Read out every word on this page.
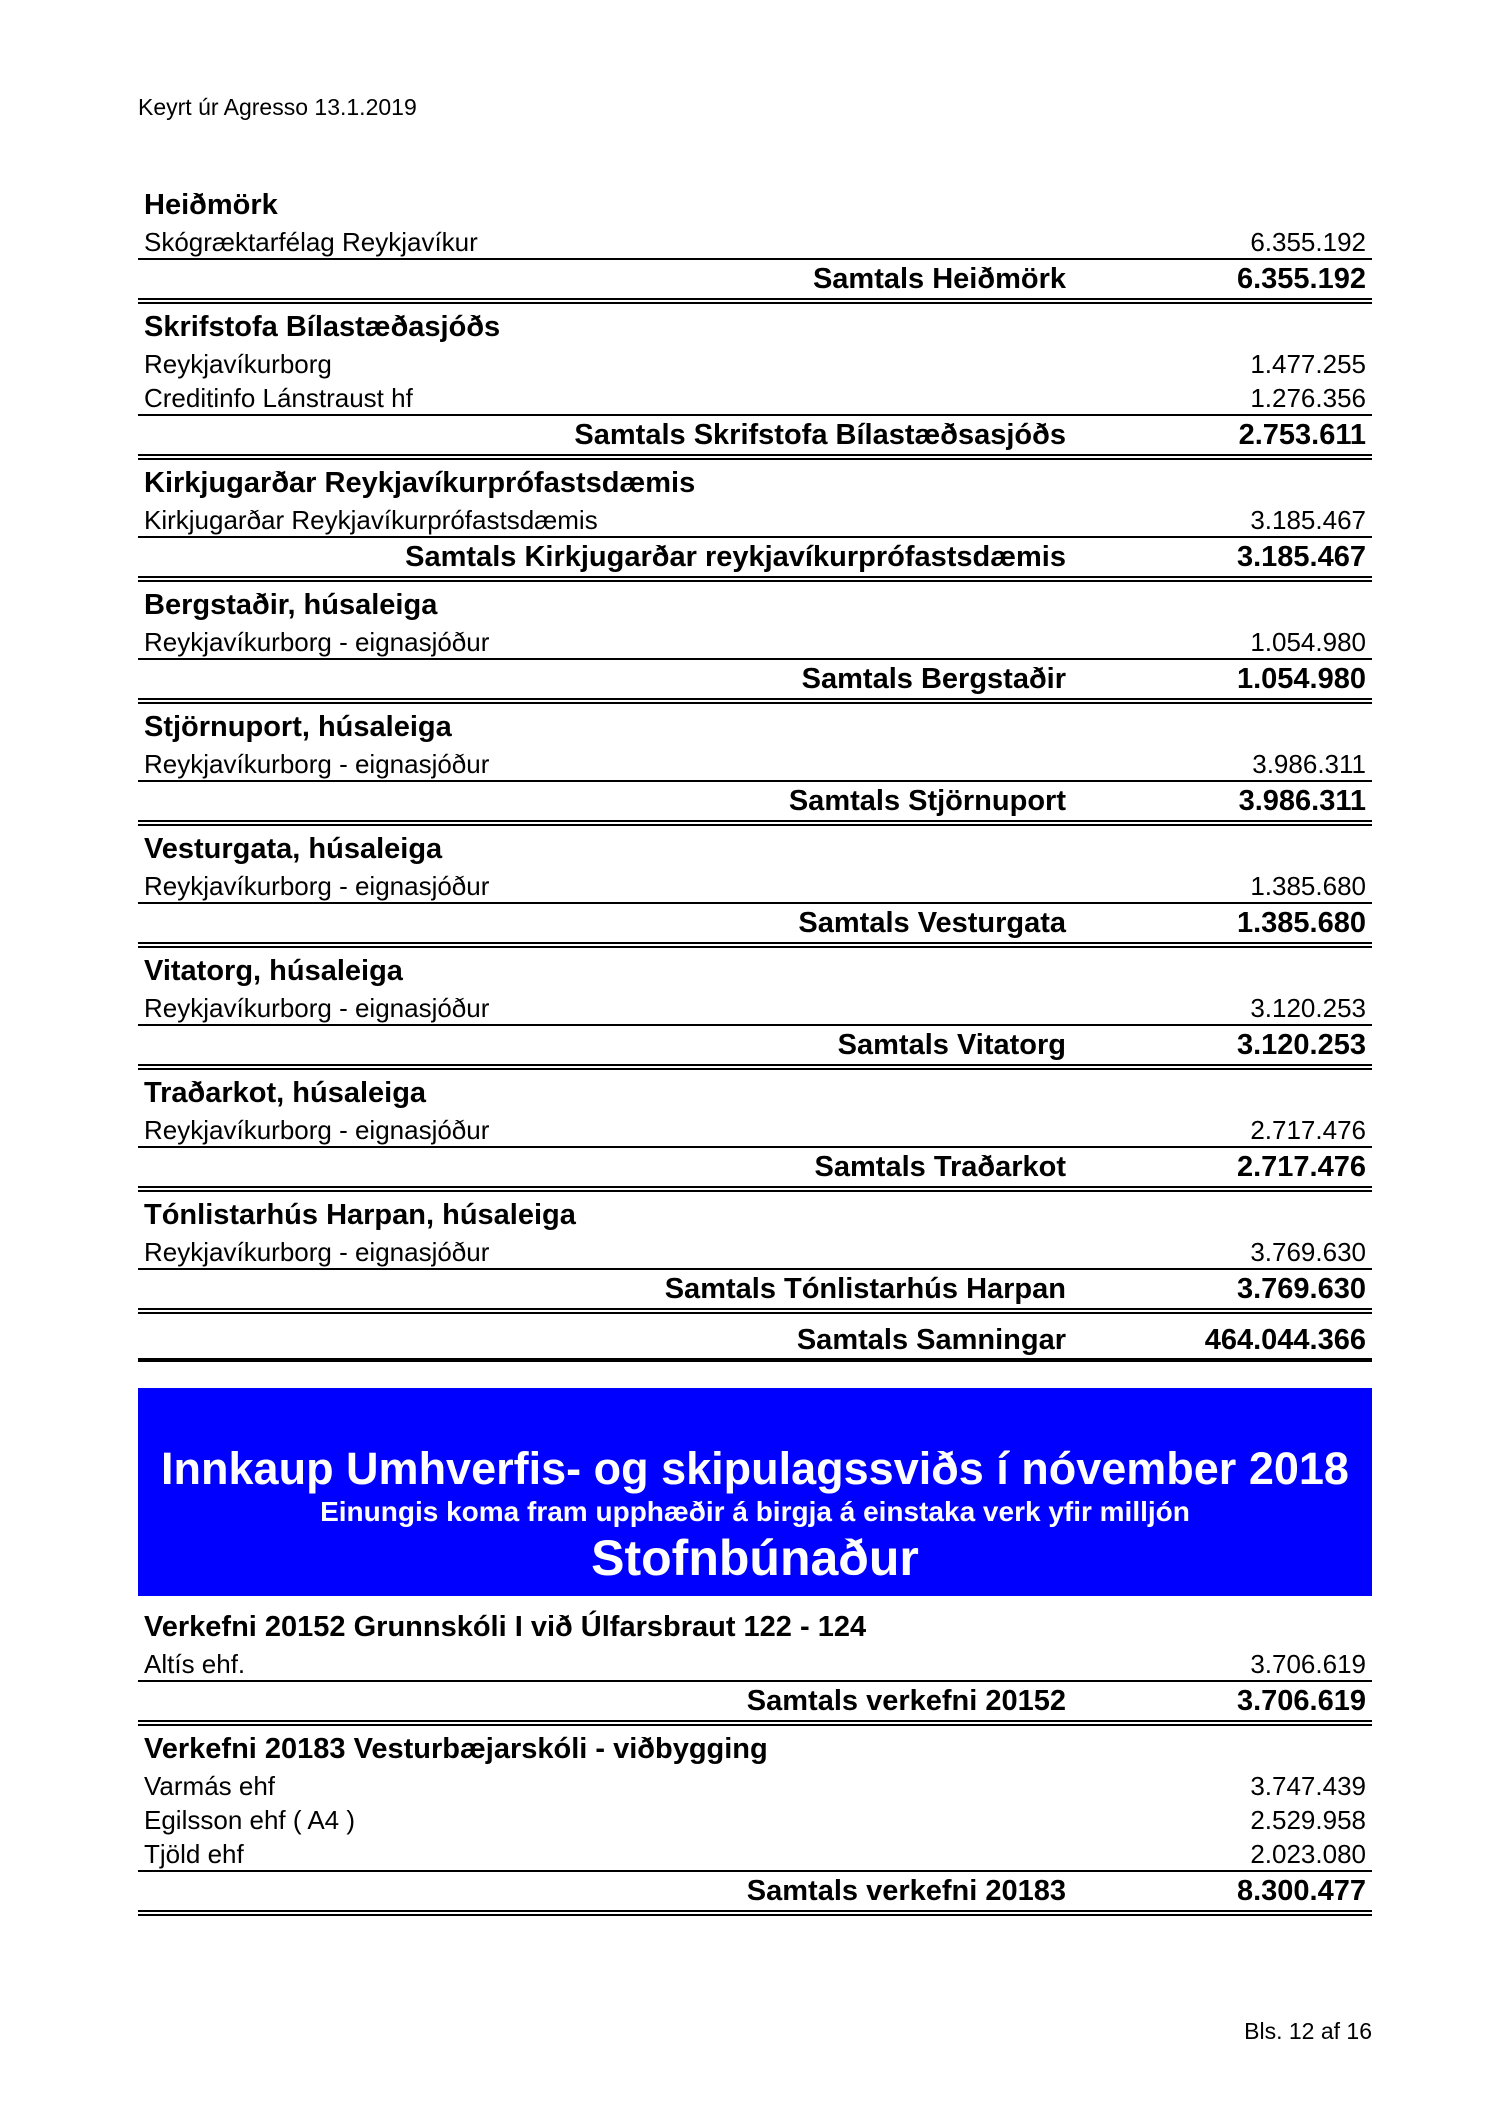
Keyrt úr Agresso 13.1.2019
Heiðmörk
Skógræktarfélag Reykjavíkur	6.355.192
Samtals Heiðmörk	6.355.192
Skrifstofa Bílastæðasjóðs
Reykjavíkurborg	1.477.255
Creditinfo Lánstraust hf	1.276.356
Samtals Skrifstofa Bílastæðsasjóðs	2.753.611
Kirkjugarðar Reykjavíkurprófastsdæmis
Kirkjugarðar Reykjavíkurprófastsdæmis	3.185.467
Samtals Kirkjugarðar reykjavíkurprófastsdæmis	3.185.467
Bergstaðir, húsaleiga
Reykjavíkurborg - eignasjóður	1.054.980
Samtals Bergstaðir	1.054.980
Stjörnuport, húsaleiga
Reykjavíkurborg - eignasjóður	3.986.311
Samtals Stjörnuport	3.986.311
Vesturgata, húsaleiga
Reykjavíkurborg - eignasjóður	1.385.680
Samtals Vesturgata	1.385.680
Vitatorg, húsaleiga
Reykjavíkurborg - eignasjóður	3.120.253
Samtals Vitatorg	3.120.253
Traðarkot, húsaleiga
Reykjavíkurborg - eignasjóður	2.717.476
Samtals Traðarkot	2.717.476
Tónlistarhús Harpan, húsaleiga
Reykjavíkurborg - eignasjóður	3.769.630
Samtals Tónlistarhús Harpan	3.769.630
Samtals Samningar	464.044.366
Innkaup Umhverfis- og skipulagssviðs í nóvember 2018
Einungis koma fram upphæðir á birgja á einstaka verk yfir milljón
Stofnbúnaður
Verkefni 20152 Grunnskóli I við Úlfarsbraut 122 - 124
Altís ehf.	3.706.619
Samtals verkefni 20152	3.706.619
Verkefni 20183 Vesturbæjarskóli - viðbygging
Varmás ehf	3.747.439
Egilsson ehf ( A4 )	2.529.958
Tjöld ehf	2.023.080
Samtals verkefni 20183	8.300.477
Bls. 12 af 16
